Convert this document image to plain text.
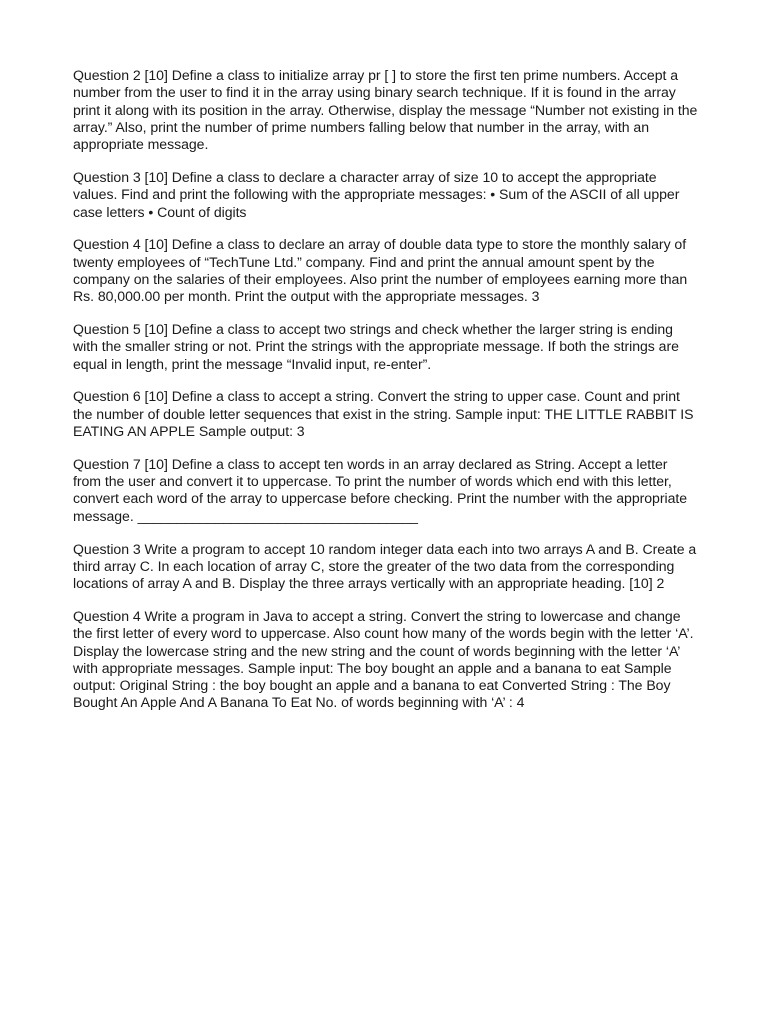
Question 2 [10] Define a class to initialize array pr [ ] to store the first ten prime numbers. Accept a number from the user to find it in the array using binary search technique. If it is found in the array print it along with its position in the array. Otherwise, display the message “Number not existing in the array.” Also, print the number of prime numbers falling below that number in the array, with an appropriate message.

Question 3 [10] Define a class to declare a character array of size 10 to accept the appropriate values. Find and print the following with the appropriate messages: • Sum of the ASCII of all upper case letters • Count of digits

Question 4 [10] Define a class to declare an array of double data type to store the monthly salary of twenty employees of “TechTune Ltd.” company. Find and print the annual amount spent by the company on the salaries of their employees. Also print the number of employees earning more than Rs. 80,000.00 per month. Print the output with the appropriate messages. 3

Question 5 [10] Define a class to accept two strings and check whether the larger string is ending with the smaller string or not. Print the strings with the appropriate message. If both the strings are equal in length, print the message “Invalid input, re-enter”.

Question 6 [10] Define a class to accept a string. Convert the string to upper case. Count and print the number of double letter sequences that exist in the string. Sample input: THE LITTLE RABBIT IS EATING AN APPLE Sample output: 3

Question 7 [10] Define a class to accept ten words in an array declared as String. Accept a letter from the user and convert it to uppercase. To print the number of words which end with this letter, convert each word of the array to uppercase before checking. Print the number with the appropriate message. ____________________________________

Question 3 Write a program to accept 10 random integer data each into two arrays A and B. Create a third array C. In each location of array C, store the greater of the two data from the corresponding locations of array A and B. Display the three arrays vertically with an appropriate heading. [10] 2

Question 4 Write a program in Java to accept a string. Convert the string to lowercase and change the first letter of every word to uppercase. Also count how many of the words begin with the letter ‘A’. Display the lowercase string and the new string and the count of words beginning with the letter ‘A’ with appropriate messages. Sample input: The boy bought an apple and a banana to eat Sample output: Original String : the boy bought an apple and a banana to eat Converted String : The Boy Bought An Apple And A Banana To Eat No. of words beginning with ‘A’ : 4
